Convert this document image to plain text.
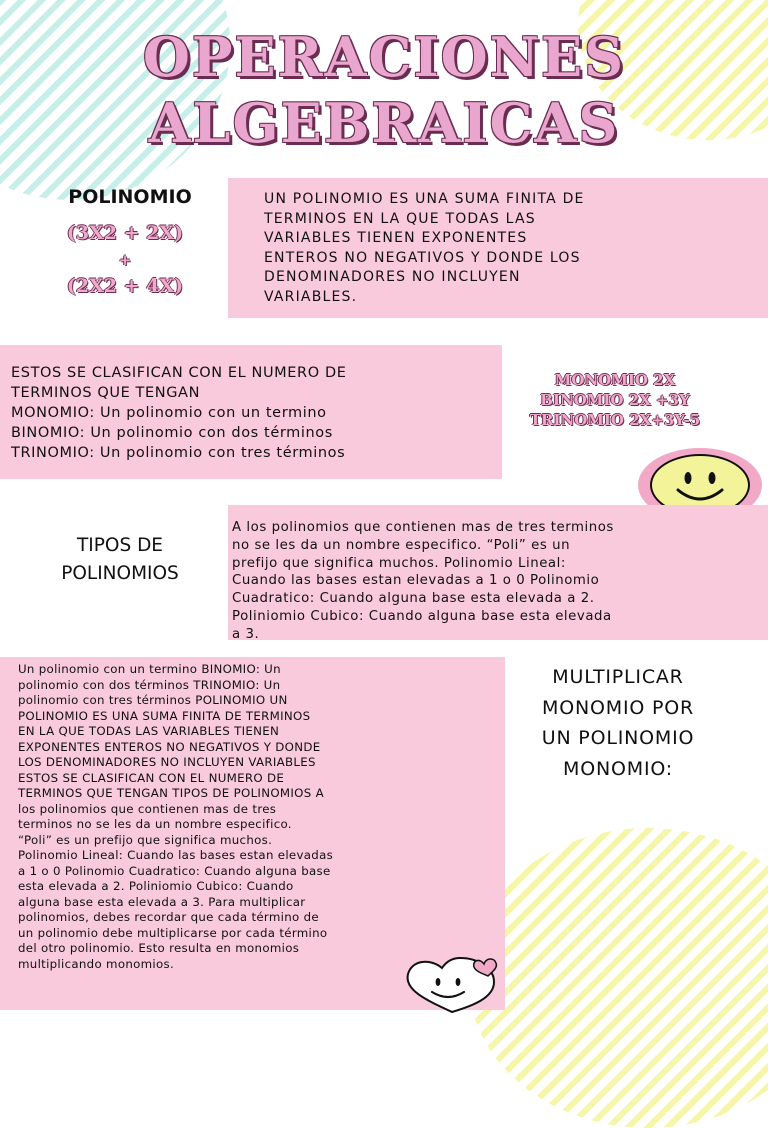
OPERACIONES
ALGEBRAICAS
POLINOMIO
(3X2 + 2X)
+
(2X2 + 4X)

UN POLINOMIO ES UNA SUMA FINITA DE
TERMINOS EN LA QUE TODAS LAS
VARIABLES TIENEN EXPONENTES
ENTEROS NO NEGATIVOS Y DONDE LOS
DENOMINADORES NO INCLUYEN
VARIABLES.

ESTOS SE CLASIFICAN CON EL NUMERO DE
TERMINOS QUE TENGAN
MONOMIO: Un polinomio con un termino
BINOMIO: Un polinomio con dos términos
TRINOMIO: Un polinomio con tres términos

MONOMIO 2X
BINOMIO 2X +3Y
TRINOMIO 2X+3Y-5

TIPOS DE
POLINOMIOS

A los polinomios que contienen mas de tres terminos
no se les da un nombre especifico. “Poli” es un
prefijo que significa muchos. Polinomio Lineal:
Cuando las bases estan elevadas a 1 o 0 Polinomio
Cuadratico: Cuando alguna base esta elevada a 2.
Poliniomio Cubico: Cuando alguna base esta elevada
a 3.

Un polinomio con un termino BINOMIO: Un
polinomio con dos términos TRINOMIO: Un
polinomio con tres términos POLINOMIO UN
POLINOMIO ES UNA SUMA FINITA DE TERMINOS
EN LA QUE TODAS LAS VARIABLES TIENEN
EXPONENTES ENTEROS NO NEGATIVOS Y DONDE
LOS DENOMINADORES NO INCLUYEN VARIABLES
ESTOS SE CLASIFICAN CON EL NUMERO DE
TERMINOS QUE TENGAN TIPOS DE POLINOMIOS A
los polinomios que contienen mas de tres
terminos no se les da un nombre especifico.
“Poli” es un prefijo que significa muchos.
Polinomio Lineal: Cuando las bases estan elevadas
a 1 o 0 Polinomio Cuadratico: Cuando alguna base
esta elevada a 2. Poliniomio Cubico: Cuando
alguna base esta elevada a 3. Para multiplicar
polinomios, debes recordar que cada término de
un polinomio debe multiplicarse por cada término
del otro polinomio. Esto resulta en monomios
multiplicando monomios.

MULTIPLICAR
MONOMIO POR
UN POLINOMIO
MONOMIO:
